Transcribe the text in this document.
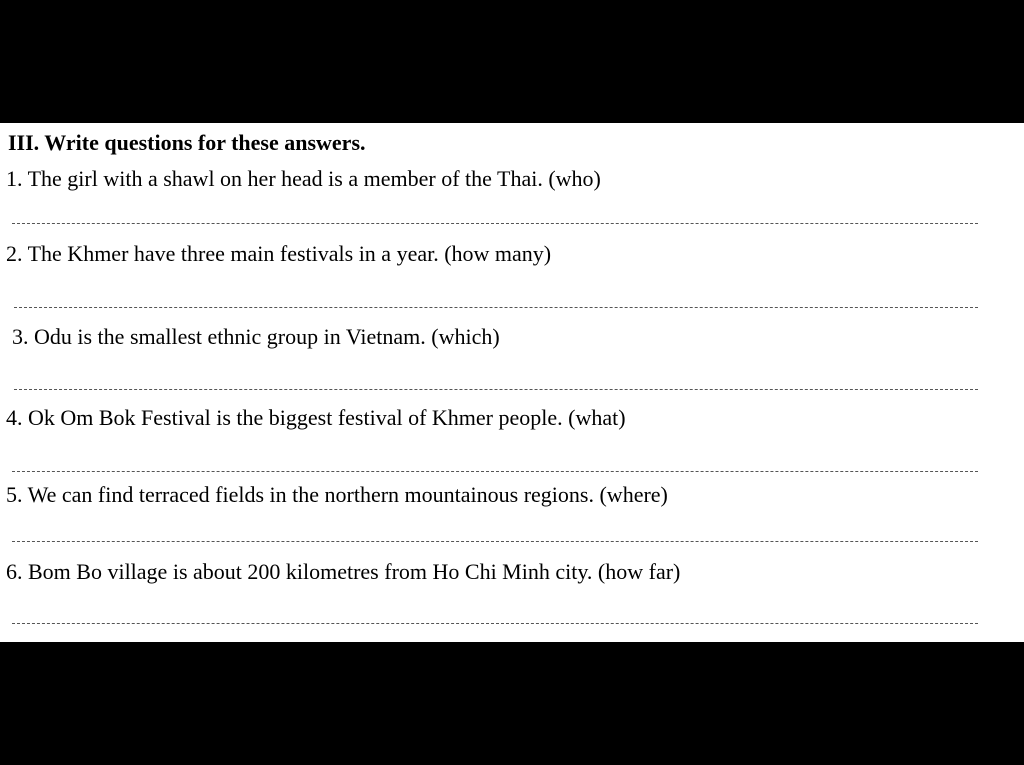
III. Write questions for these answers.
1. The girl with a shawl on her head is a member of the Thai. (who)
2. The Khmer have three main festivals in a year. (how many)
3. Odu is the smallest ethnic group in Vietnam. (which)
4. Ok Om Bok Festival is the biggest festival of Khmer people. (what)
5. We can find terraced fields in the northern mountainous regions. (where)
6. Bom Bo village is about 200 kilometres from Ho Chi Minh city. (how far)
